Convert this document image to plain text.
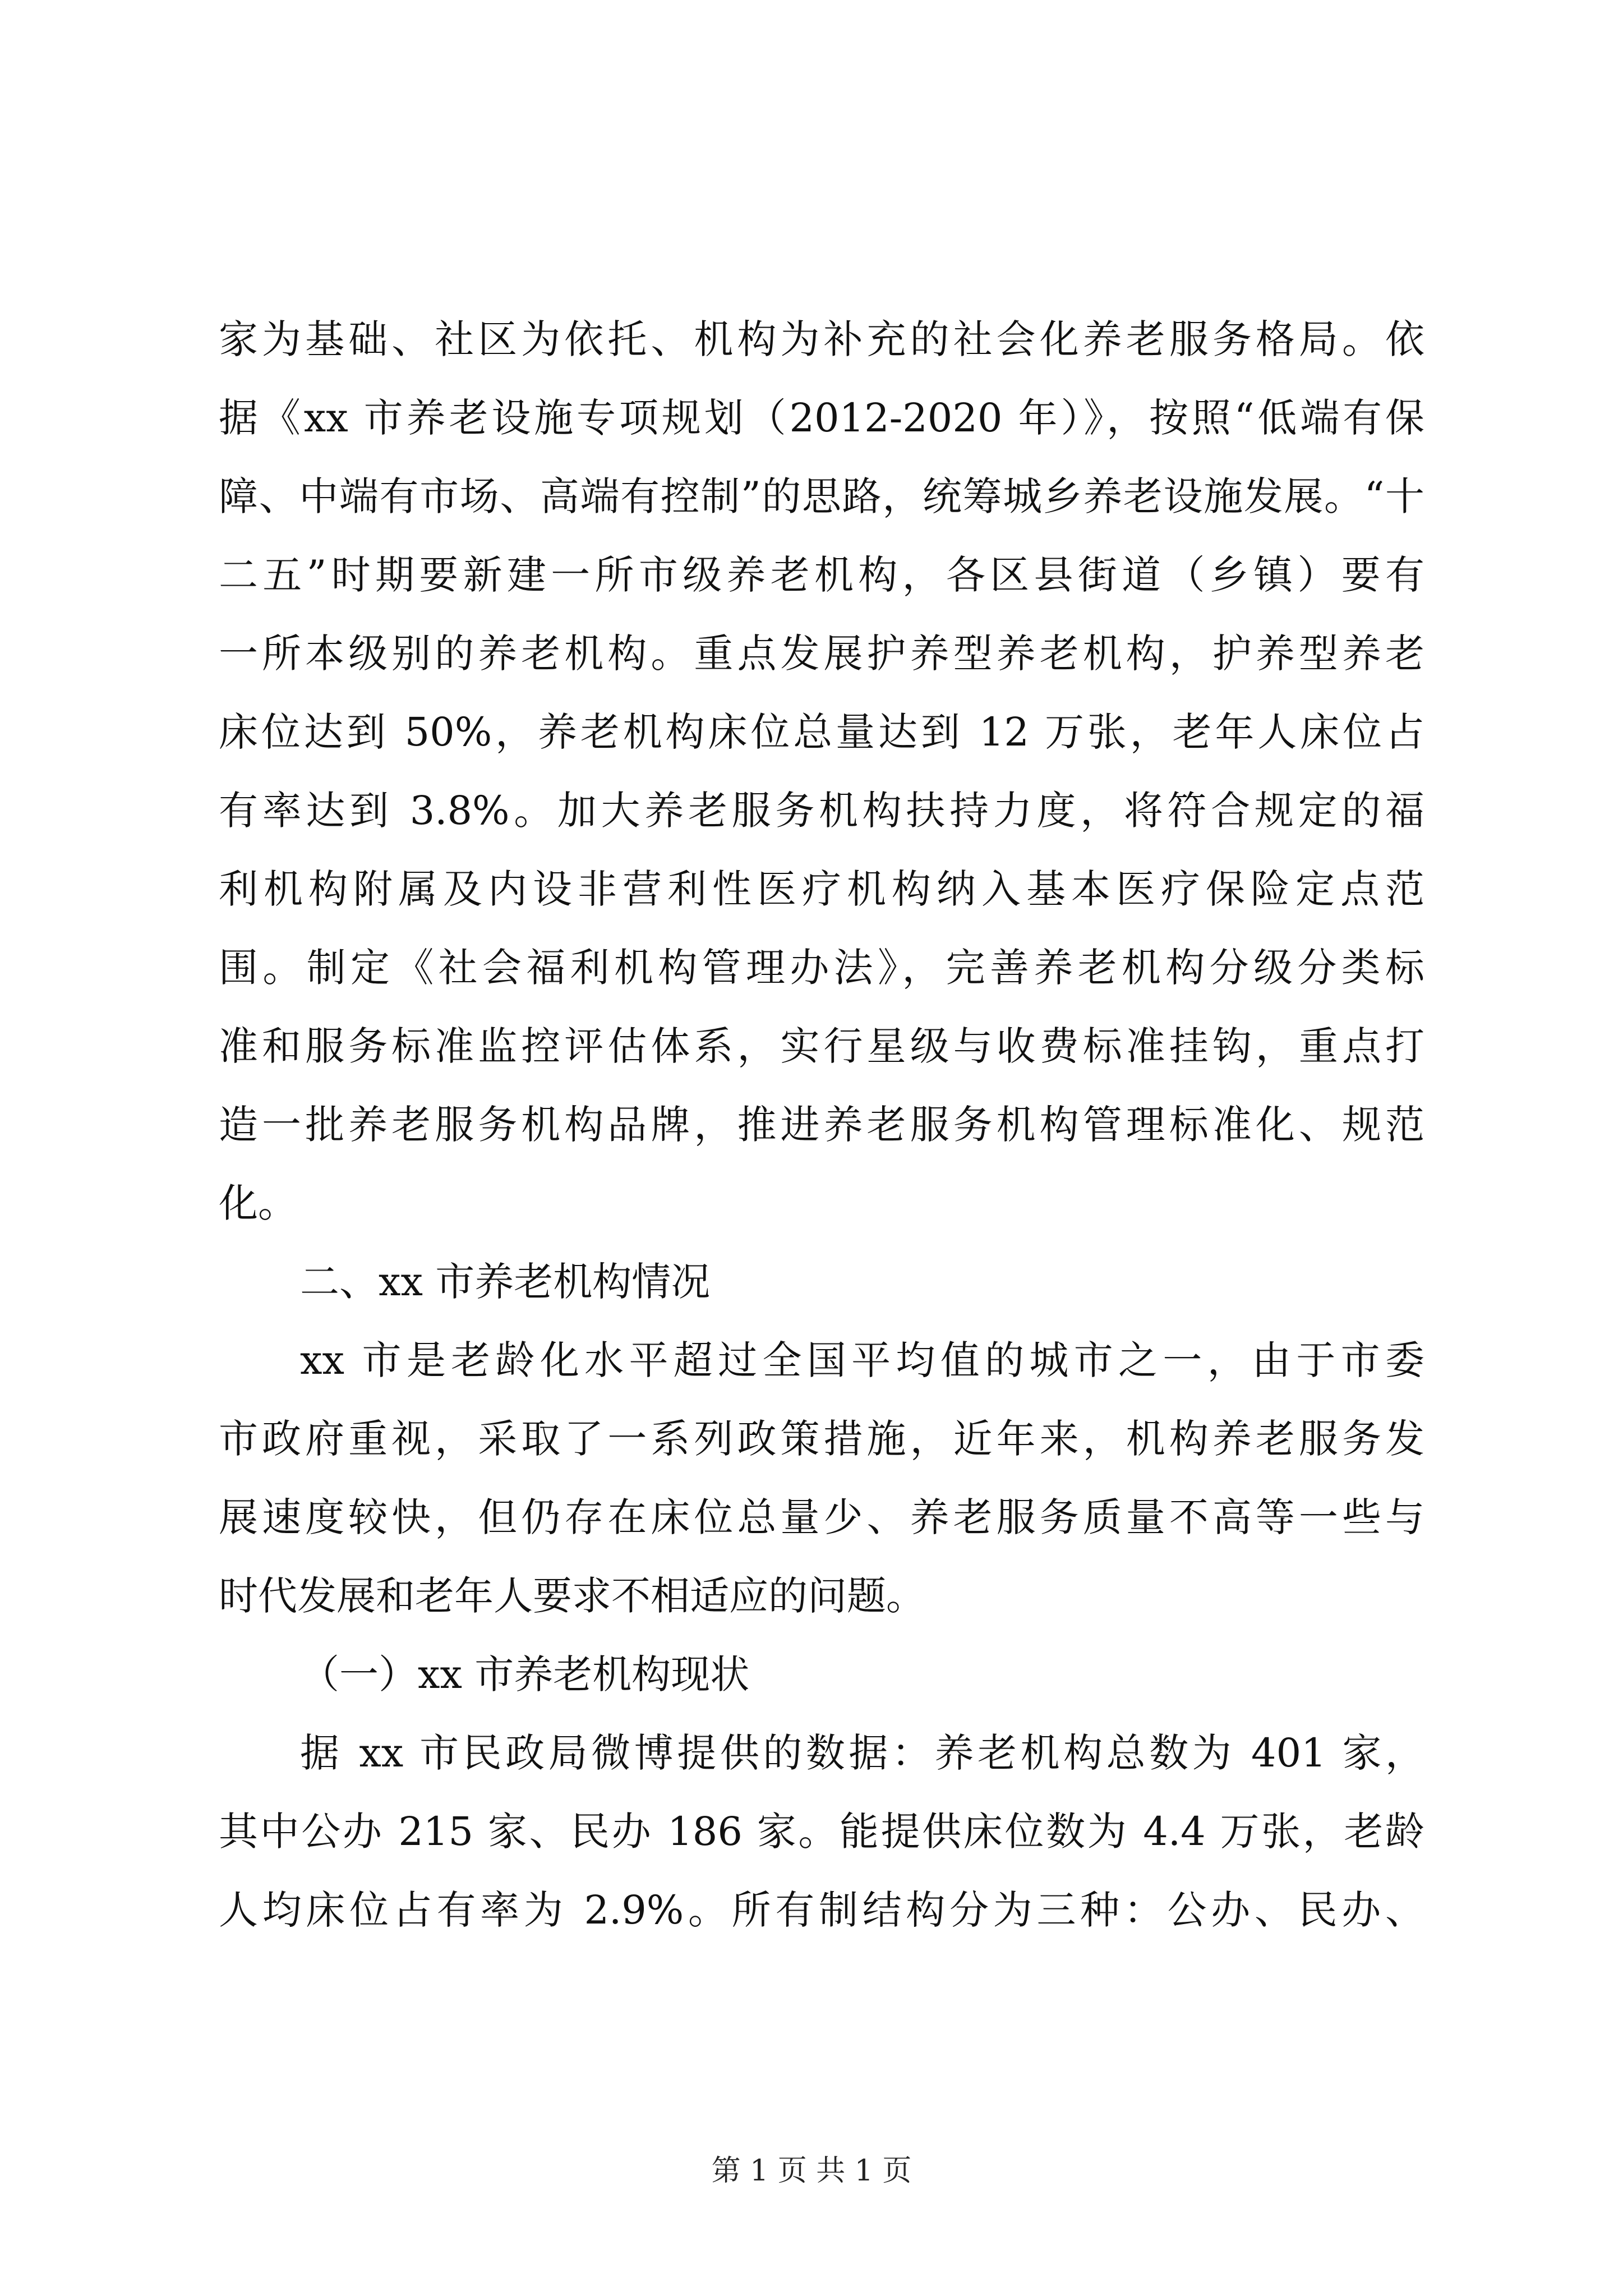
家为基础、社区为依托、机构为补充的社会化养老服务格局。依
据《xx 市养老设施专项规划（2012-2020 年）》，按照“低端有保
障、中端有市场、高端有控制”的思路，统筹城乡养老设施发展。“十
二五”时期要新建一所市级养老机构，各区县街道（乡镇）要有
一所本级别的养老机构。重点发展护养型养老机构，护养型养老
床位达到 50%，养老机构床位总量达到 12 万张，老年人床位占
有率达到 3.8%。加大养老服务机构扶持力度，将符合规定的福
利机构附属及内设非营利性医疗机构纳入基本医疗保险定点范
围。制定《社会福利机构管理办法》，完善养老机构分级分类标
准和服务标准监控评估体系，实行星级与收费标准挂钩，重点打
造一批养老服务机构品牌，推进养老服务机构管理标准化、规范
化。
二、xx 市养老机构情况
xx 市是老龄化水平超过全国平均值的城市之一，由于市委
市政府重视，采取了一系列政策措施，近年来，机构养老服务发
展速度较快，但仍存在床位总量少、养老服务质量不高等一些与
时代发展和老年人要求不相适应的问题。
（一）xx 市养老机构现状
据 xx 市民政局微博提供的数据：养老机构总数为 401 家，
其中公办 215 家、民办 186 家。能提供床位数为 4.4 万张，老龄
人均床位占有率为 2.9%。所有制结构分为三种：公办、民办、
第 1 页 共 1 页
